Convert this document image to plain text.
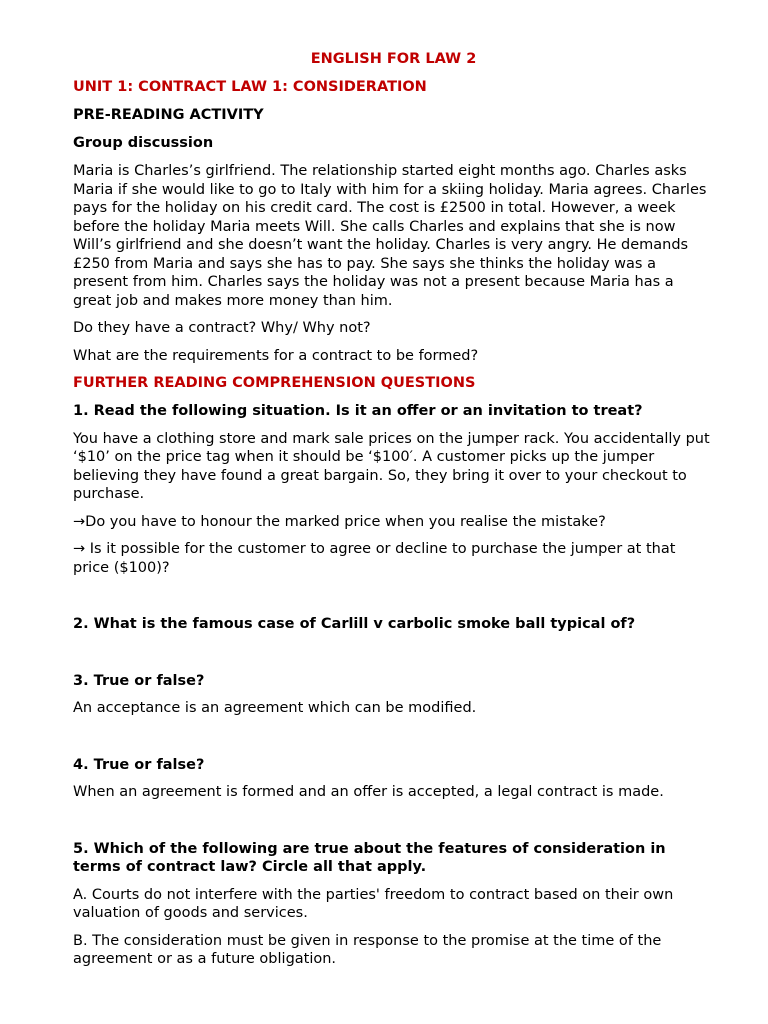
ENGLISH FOR LAW 2
UNIT 1: CONTRACT LAW 1: CONSIDERATION
PRE-READING ACTIVITY
Group discussion
Maria is Charles’s girlfriend. The relationship started eight months ago. Charles asks Maria if she would like to go to Italy with him for a skiing holiday. Maria agrees. Charles pays for the holiday on his credit card. The cost is £2500 in total. However, a week before the holiday Maria meets Will. She calls Charles and explains that she is now Will’s girlfriend and she doesn’t want the holiday. Charles is very angry. He demands £250 from Maria and says she has to pay. She says she thinks the holiday was a present from him. Charles says the holiday was not a present because Maria has a great job and makes more money than him.
Do they have a contract? Why/ Why not?
What are the requirements for a contract to be formed?
FURTHER READING COMPREHENSION QUESTIONS
1. Read the following situation. Is it an offer or an invitation to treat?
You have a clothing store and mark sale prices on the jumper rack. You accidentally put ‘$10’ on the price tag when it should be ‘$100′. A customer picks up the jumper believing they have found a great bargain. So, they bring it over to your checkout to purchase.
→Do you have to honour the marked price when you realise the mistake?
→ Is it possible for the customer to agree or decline to purchase the jumper at that price ($100)?
2. What is the famous case of Carlill v carbolic smoke ball typical of?
3. True or false?
An acceptance is an agreement which can be modified.
4. True or false?
When an agreement is formed and an offer is accepted, a legal contract is made.
5. Which of the following are true about the features of consideration in terms of contract law? Circle all that apply.
A. Courts do not interfere with the parties' freedom to contract based on their own valuation of goods and services.
B. The consideration must be given in response to the promise at the time of the agreement or as a future obligation.
